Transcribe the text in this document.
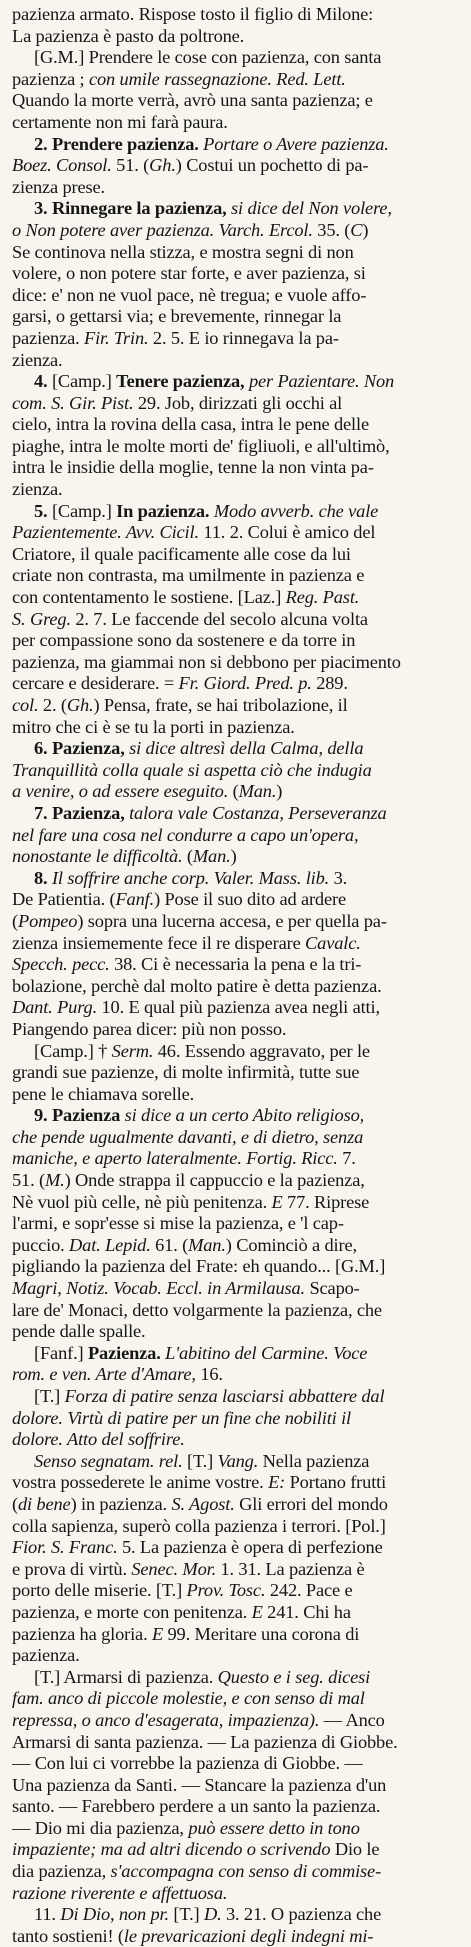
pazienza armato. Rispose tosto il figlio di Milone:
La pazienza è pasto da poltrone.
[G.M.] Prendere le cose con pazienza, con santa
pazienza ; con umile rassegnazione. Red. Lett.
Quando la morte verrà, avrò una santa pazienza; e
certamente non mi farà paura.
2. Prendere pazienza. Portare o Avere pazienza.
Boez. Consol. 51. (Gh.) Costui un pochetto di pa-
zienza prese.
3. Rinnegare la pazienza, si dice del Non volere,
o Non potere aver pazienza. Varch. Ercol. 35. (C)
Se continova nella stizza, e mostra segni di non
volere, o non potere star forte, e aver pazienza, si
dice: e' non ne vuol pace, nè tregua; e vuole affo-
garsi, o gettarsi via; e brevemente, rinnegar la
pazienza. Fir. Trin. 2. 5. E io rinnegava la pa-
zienza.
4. [Camp.] Tenere pazienza, per Pazientare. Non
com. S. Gir. Pist. 29. Job, dirizzati gli occhi al
cielo, intra la rovina della casa, intra le pene delle
piaghe, intra le molte morti de' figliuoli, e all'ultimò,
intra le insidie della moglie, tenne la non vinta pa-
zienza.
5. [Camp.] In pazienza. Modo avverb. che vale
Pazientemente. Avv. Cicil. 11. 2. Colui è amico del
Criatore, il quale pacificamente alle cose da lui
criate non contrasta, ma umilmente in pazienza e
con contentamento le sostiene. [Laz.] Reg. Past.
S. Greg. 2. 7. Le faccende del secolo alcuna volta
per compassione sono da sostenere e da torre in
pazienza, ma giammai non si debbono per piacimento
cercare e desiderare. = Fr. Giord. Pred. p. 289.
col. 2. (Gh.) Pensa, frate, se hai tribolazione, il
mitro che ci è se tu la porti in pazienza.
6. Pazienza, si dice altresì della Calma, della
Tranquillità colla quale si aspetta ciò che indugia
a venire, o ad essere eseguito. (Man.)
7. Pazienza, talora vale Costanza, Perseveranza
nel fare una cosa nel condurre a capo un'opera,
nonostante le difficoltà. (Man.)
8. Il soffrire anche corp. Valer. Mass. lib. 3.
De Patientia. (Fanf.) Pose il suo dito ad ardere
(Pompeo) sopra una lucerna accesa, e per quella pa-
zienza insiememente fece il re disperare Cavalc.
Specch. pecc. 38. Ci è necessaria la pena e la tri-
bolazione, perchè dal molto patire è detta pazienza.
Dant. Purg. 10. E qual più pazienza avea negli atti,
Piangendo parea dicer: più non posso.
[Camp.] † Serm. 46. Essendo aggravato, per le
grandi sue pazienze, di molte infirmità, tutte sue
pene le chiamava sorelle.
9. Pazienza si dice a un certo Abito religioso,
che pende ugualmente davanti, e di dietro, senza
maniche, e aperto lateralmente. Fortig. Ricc. 7.
51. (M.) Onde strappa il cappuccio e la pazienza,
Nè vuol più celle, nè più penitenza. E 77. Riprese
l'armi, e sopr'esse si mise la pazienza, e 'l cap-
puccio. Dat. Lepid. 61. (Man.) Cominciò a dire,
pigliando la pazienza del Frate: eh quando... [G.M.]
Magri, Notiz. Vocab. Eccl. in Armilausa. Scapo-
lare de' Monaci, detto volgarmente la pazienza, che
pende dalle spalle.
[Fanf.] Pazienza. L'abitino del Carmine. Voce
rom. e ven. Arte d'Amare, 16.
[T.] Forza di patire senza lasciarsi abbattere dal
dolore. Virtù di patire per un fine che nobiliti il
dolore. Atto del soffrire.
Senso segnatam. rel. [T.] Vang. Nella pazienza
vostra possederete le anime vostre. E: Portano frutti
(di bene) in pazienza. S. Agost. Gli errori del mondo
colla sapienza, superò colla pazienza i terrori. [Pol.]
Fior. S. Franc. 5. La pazienza è opera di perfezione
e prova di virtù. Senec. Mor. 1. 31. La pazienza è
porto delle miserie. [T.] Prov. Tosc. 242. Pace e
pazienza, e morte con penitenza. E 241. Chi ha
pazienza ha gloria. E 99. Meritare una corona di
pazienza.
[T.] Armarsi di pazienza. Questo e i seg. dicesi
fam. anco di piccole molestie, e con senso di mal
repressa, o anco d'esagerata, impazienza). — Anco
Armarsi di santa pazienza. — La pazienza di Giobbe.
— Con lui ci vorrebbe la pazienza di Giobbe. —
Una pazienza da Santi. — Stancare la pazienza d'un
santo. — Farebbero perdere a un santo la pazienza.
— Dio mi dia pazienza, può essere detto in tono
impaziente; ma ad altri dicendo o scrivendo Dio le
dia pazienza, s'accompagna con senso di commise-
razione riverente e affettuosa.
11. Di Dio, non pr. [T.] D. 3. 21. O pazienza che
tanto sostieni! (le prevaricazioni degli indegni mi-
